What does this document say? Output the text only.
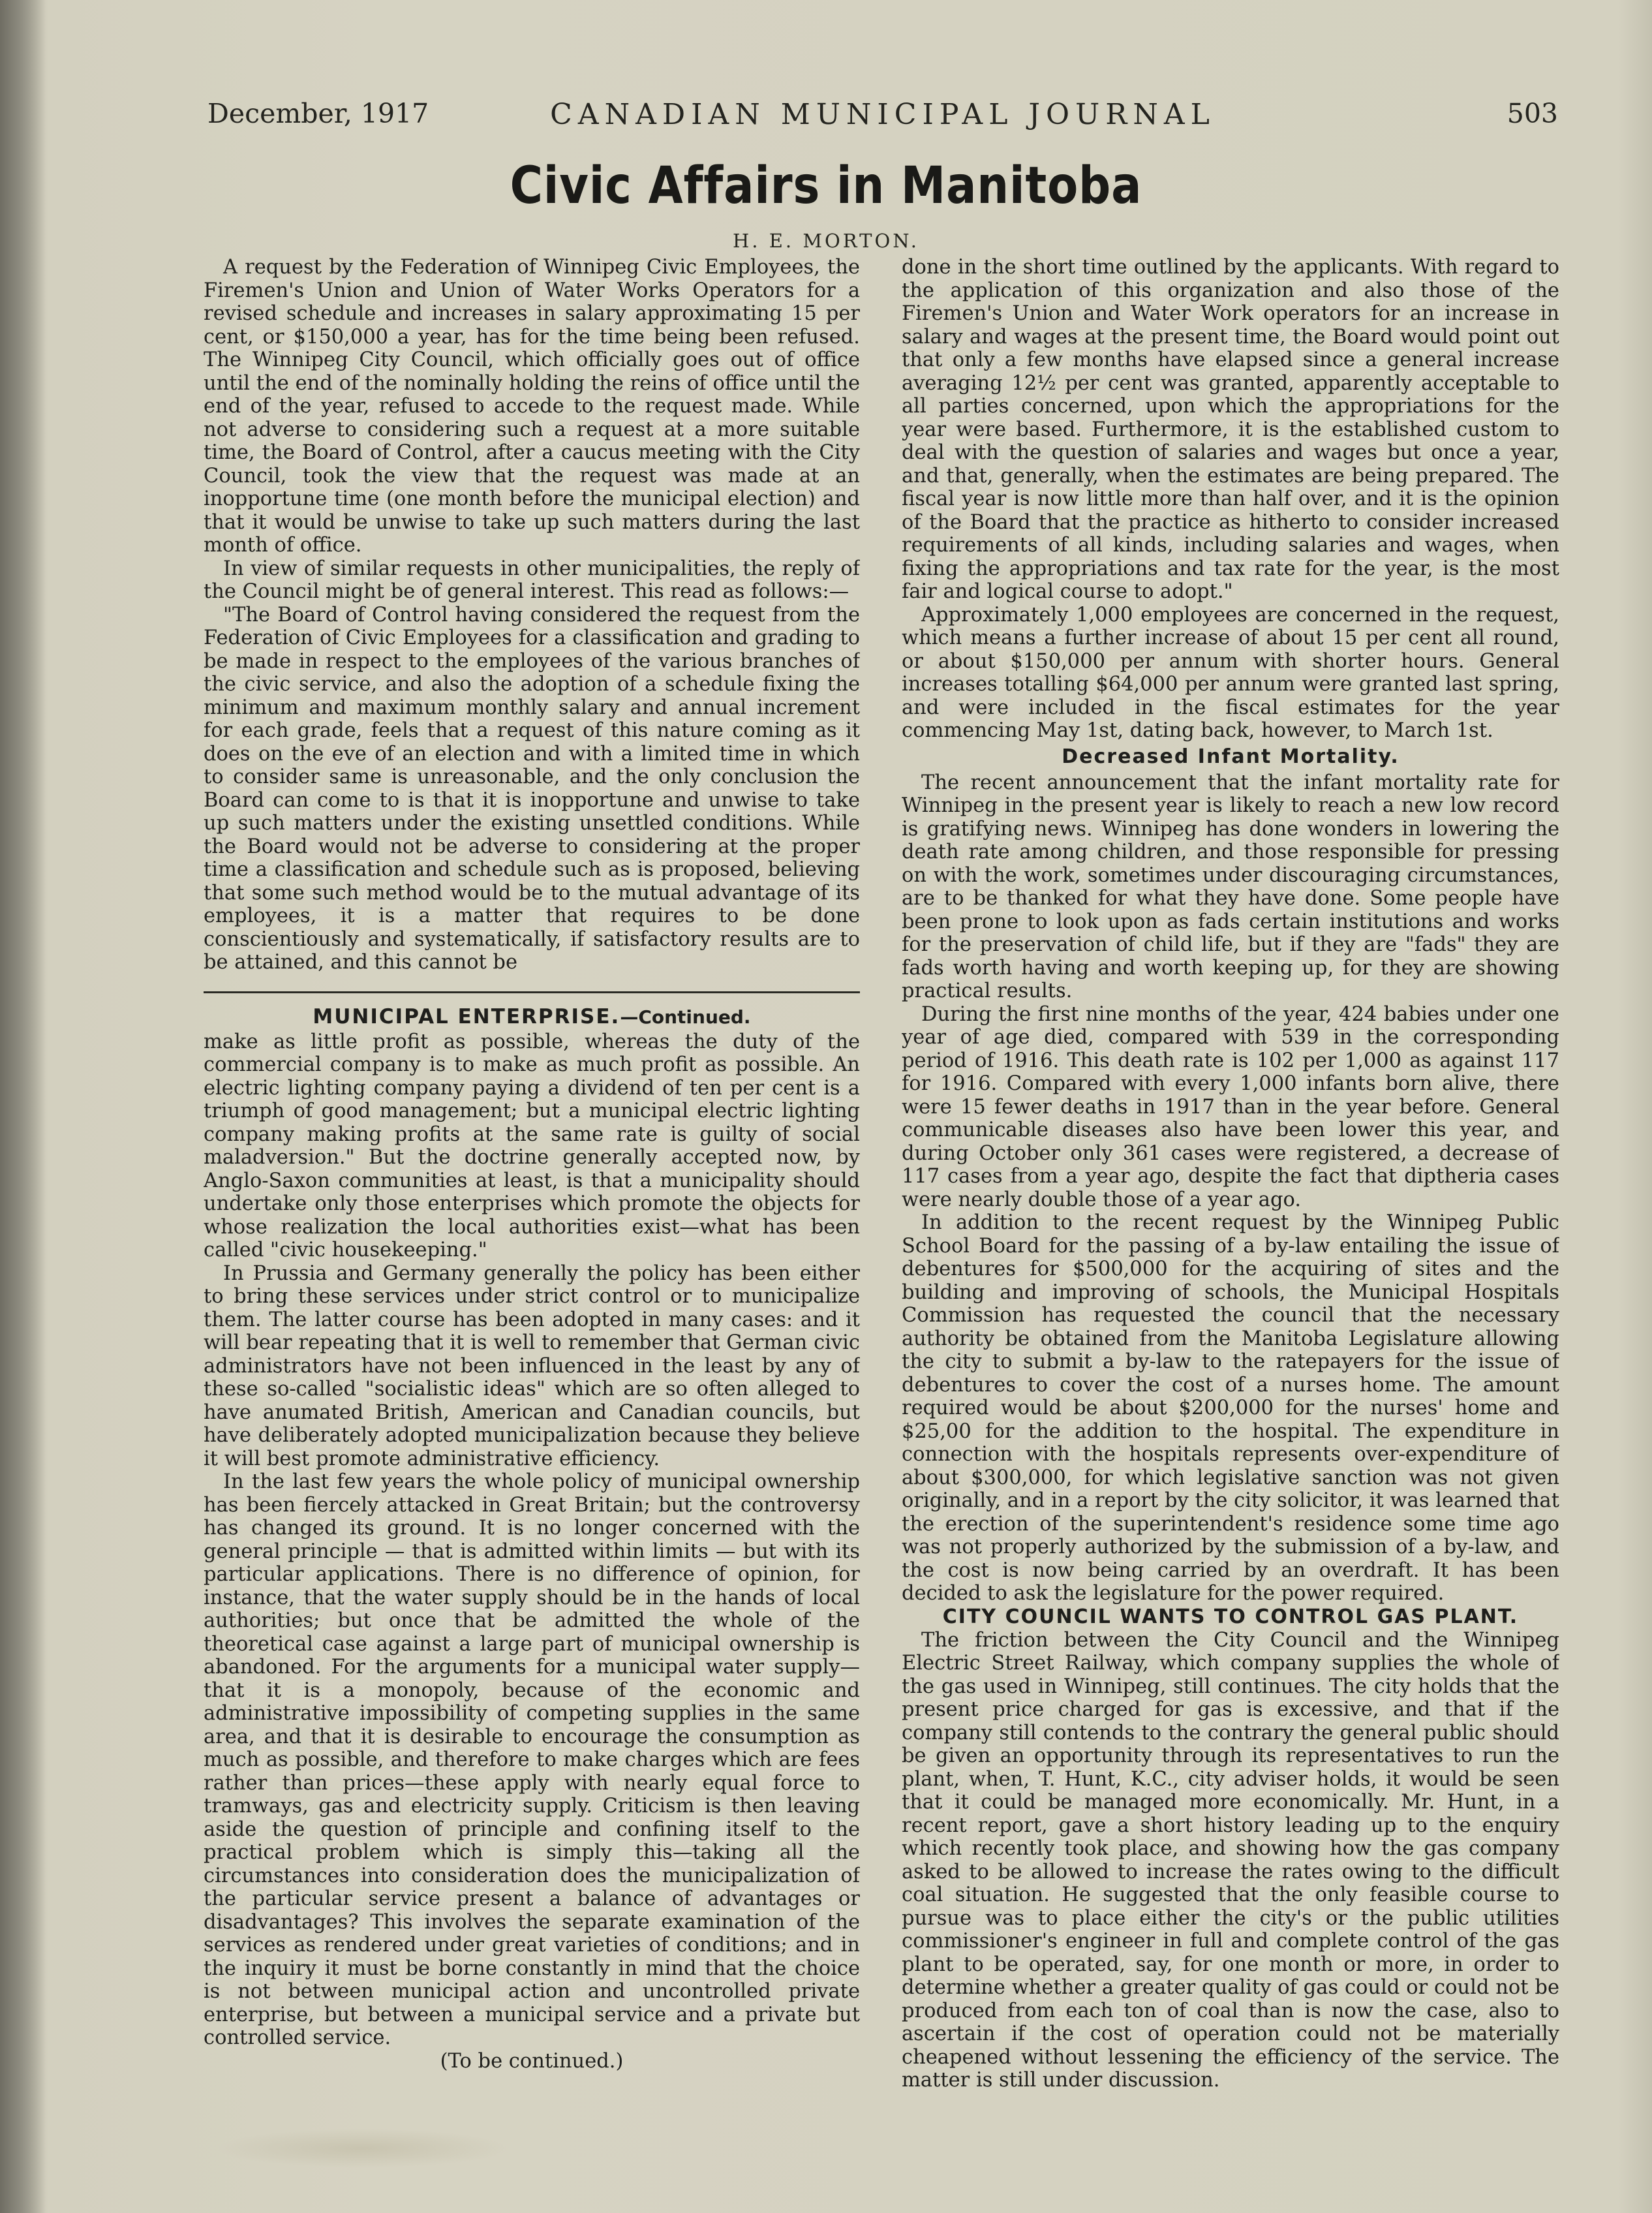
December, 1917	CANADIAN MUNICIPAL JOURNAL	503
Civic Affairs in Manitoba
H. E. MORTON.

A request by the Federation of Winnipeg Civic Employees, the Firemen's Union and Union of Water Works Operators for a revised schedule and increases in salary approximating 15 per cent, or $150,000 a year, has for the time being been refused. The Winnipeg City Council, which officially goes out of office until the end of the nominally holding the reins of office until the end of the year, refused to accede to the request made. While not adverse to considering such a request at a more suitable time, the Board of Control, after a caucus meeting with the City Council, took the view that the request was made at an inopportune time (one month before the municipal election) and that it would be unwise to take up such matters during the last month of office.

In view of similar requests in other municipalities, the reply of the Council might be of general interest. This read as follows:—

"The Board of Control having considered the request from the Federation of Civic Employees for a classification and grading to be made in respect to the employees of the various branches of the civic service, and also the adoption of a schedule fixing the minimum and maximum monthly salary and annual increment for each grade, feels that a request of this nature coming as it does on the eve of an election and with a limited time in which to consider same is unreasonable, and the only conclusion the Board can come to is that it is inopportune and unwise to take up such matters under the existing unsettled conditions. While the Board would not be adverse to considering at the proper time a classification and schedule such as is proposed, believing that some such method would be to the mutual advantage of its employees, it is a matter that requires to be done conscientiously and systematically, if satisfactory results are to be attained, and this cannot be

MUNICIPAL ENTERPRISE.—Continued.

make as little profit as possible, whereas the duty of the commercial company is to make as much profit as possible. An electric lighting company paying a dividend of ten per cent is a triumph of good management; but a municipal electric lighting company making profits at the same rate is guilty of social maladversion." But the doctrine generally accepted now, by Anglo-Saxon communities at least, is that a municipality should undertake only those enterprises which promote the objects for whose realization the local authorities exist—what has been called "civic housekeeping."

In Prussia and Germany generally the policy has been either to bring these services under strict control or to municipalize them. The latter course has been adopted in many cases: and it will bear repeating that it is well to remember that German civic administrators have not been influenced in the least by any of these so-called "socialistic ideas" which are so often alleged to have anumated British, American and Canadian councils, but have deliberately adopted municipalization because they believe it will best promote administrative efficiency.

In the last few years the whole policy of municipal ownership has been fiercely attacked in Great Britain; but the controversy has changed its ground. It is no longer concerned with the general principle — that is admitted within limits — but with its particular applications. There is no difference of opinion, for instance, that the water supply should be in the hands of local authorities; but once that be admitted the whole of the theoretical case against a large part of municipal ownership is abandoned. For the arguments for a municipal water supply—that it is a monopoly, because of the economic and administrative impossibility of competing supplies in the same area, and that it is desirable to encourage the consumption as much as possible, and therefore to make charges which are fees rather than prices—these apply with nearly equal force to tramways, gas and electricity supply. Criticism is then leaving aside the question of principle and confining itself to the practical problem which is simply this—taking all the circumstances into consideration does the municipalization of the particular service present a balance of advantages or disadvantages? This involves the separate examination of the services as rendered under great varieties of conditions; and in the inquiry it must be borne constantly in mind that the choice is not between municipal action and uncontrolled private enterprise, but between a municipal service and a private but controlled service.

(To be continued.)

done in the short time outlined by the applicants. With regard to the application of this organization and also those of the Firemen's Union and Water Work operators for an increase in salary and wages at the present time, the Board would point out that only a few months have elapsed since a general increase averaging 12½ per cent was granted, apparently acceptable to all parties concerned, upon which the appropriations for the year were based. Furthermore, it is the established custom to deal with the question of salaries and wages but once a year, and that, generally, when the estimates are being prepared. The fiscal year is now little more than half over, and it is the opinion of the Board that the practice as hitherto to consider increased requirements of all kinds, including salaries and wages, when fixing the appropriations and tax rate for the year, is the most fair and logical course to adopt."

Approximately 1,000 employees are concerned in the request, which means a further increase of about 15 per cent all round, or about $150,000 per annum with shorter hours. General increases totalling $64,000 per annum were granted last spring, and were included in the fiscal estimates for the year commencing May 1st, dating back, however, to March 1st.

Decreased Infant Mortality.

The recent announcement that the infant mortality rate for Winnipeg in the present year is likely to reach a new low record is gratifying news. Winnipeg has done wonders in lowering the death rate among children, and those responsible for pressing on with the work, sometimes under discouraging circumstances, are to be thanked for what they have done. Some people have been prone to look upon as fads certain institutions and works for the preservation of child life, but if they are "fads" they are fads worth having and worth keeping up, for they are showing practical results.

During the first nine months of the year, 424 babies under one year of age died, compared with 539 in the corresponding period of 1916. This death rate is 102 per 1,000 as against 117 for 1916. Compared with every 1,000 infants born alive, there were 15 fewer deaths in 1917 than in the year before. General communicable diseases also have been lower this year, and during October only 361 cases were registered, a decrease of 117 cases from a year ago, despite the fact that diptheria cases were nearly double those of a year ago.

In addition to the recent request by the Winnipeg Public School Board for the passing of a by-law entailing the issue of debentures for $500,000 for the acquiring of sites and the building and improving of schools, the Municipal Hospitals Commission has requested the council that the necessary authority be obtained from the Manitoba Legislature allowing the city to submit a by-law to the ratepayers for the issue of debentures to cover the cost of a nurses home. The amount required would be about $200,000 for the nurses' home and $25,00 for the addition to the hospital. The expenditure in connection with the hospitals represents over-expenditure of about $300,000, for which legislative sanction was not given originally, and in a report by the city solicitor, it was learned that the erection of the superintendent's residence some time ago was not properly authorized by the submission of a by-law, and the cost is now being carried by an overdraft. It has been decided to ask the legislature for the power required.

CITY COUNCIL WANTS TO CONTROL GAS PLANT.

The friction between the City Council and the Winnipeg Electric Street Railway, which company supplies the whole of the gas used in Winnipeg, still continues. The city holds that the present price charged for gas is excessive, and that if the company still contends to the contrary the general public should be given an opportunity through its representatives to run the plant, when, T. Hunt, K.C., city adviser holds, it would be seen that it could be managed more economically. Mr. Hunt, in a recent report, gave a short history leading up to the enquiry which recently took place, and showing how the gas company asked to be allowed to increase the rates owing to the difficult coal situation. He suggested that the only feasible course to pursue was to place either the city's or the public utilities commissioner's engineer in full and complete control of the gas plant to be operated, say, for one month or more, in order to determine whether a greater quality of gas could or could not be produced from each ton of coal than is now the case, also to ascertain if the cost of operation could not be materially cheapened without lessening the efficiency of the service. The matter is still under discussion.
